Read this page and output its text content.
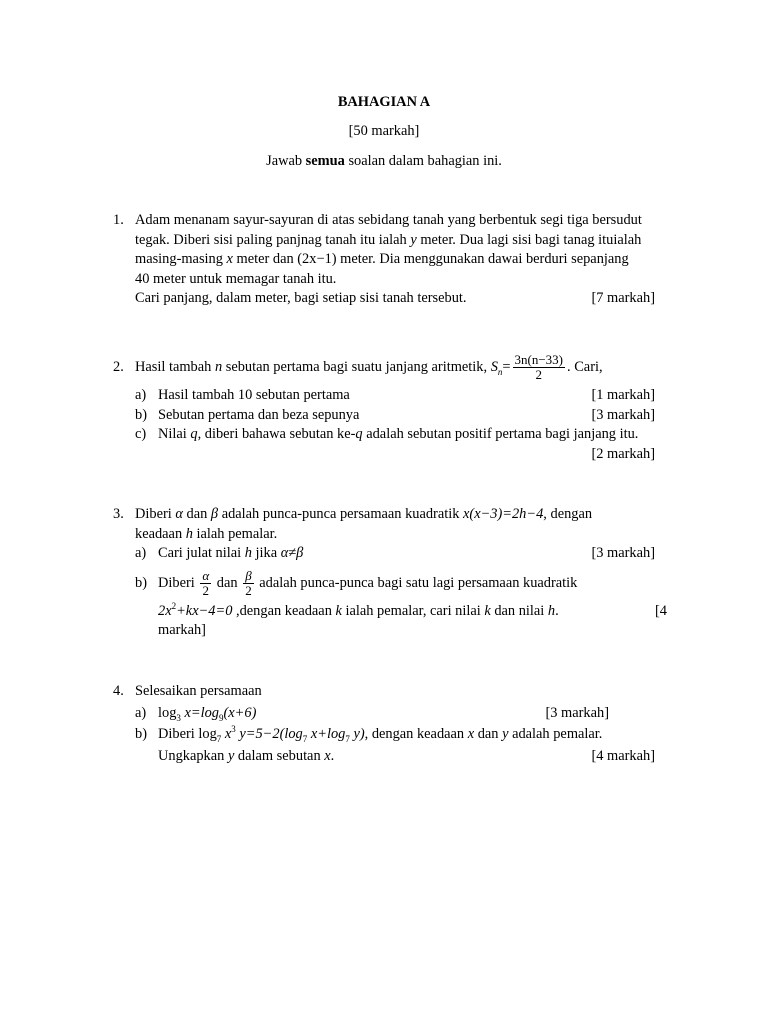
BAHAGIAN A
[50 markah]
Jawab semua soalan dalam bahagian ini.
1. Adam menanam sayur-sayuran di atas sebidang tanah yang berbentuk segi tiga bersudut
tegak. Diberi sisi paling panjnag tanah itu ialah y meter. Dua lagi sisi bagi tanag ituialah
masing-masing x meter dan (2x−1) meter. Dia menggunakan dawai berduri sepanjang
40 meter untuk memagar tanah itu.
Cari panjang, dalam meter, bagi setiap sisi tanah tersebut.	[7 markah]
2. Hasil tambah n sebutan pertama bagi suatu janjang aritmetik, $S_n= \frac{3n(n-33)}{2}$ . Cari,
a) Hasil tambah 10 sebutan pertama	[1 markah]
b) Sebutan pertama dan beza sepunya	[3 markah]
c) Nilai q, diberi bahawa sebutan ke-q adalah sebutan positif pertama bagi janjang itu.
[2 markah]
3. Diberi α dan β adalah punca-punca persamaan kuadratik x(x−3)=2h−4, dengan
keadaan h ialah pemalar.
a) Cari julat nilai h jika α≠β	[3 markah]
b) Diberi $\frac{\alpha}{2}$ dan $\frac{\beta}{2}$ adalah punca-punca bagi satu lagi persamaan kuadratik
$2x^2+kx-4=0$ ,dengan keadaan k ialah pemalar, cari nilai k dan nilai h.	[4
markah]
4. Selesaikan persamaan
a) $\log_3 x=\log_9(x+6)$	[3 markah]
b) Diberi $\log_7 x^3$ $y=5-2(\log_7$ $x+\log_7$ y), dengan keadaan x dan y adalah pemalar.
Ungkapkan y dalam sebutan x.	[4 markah]
